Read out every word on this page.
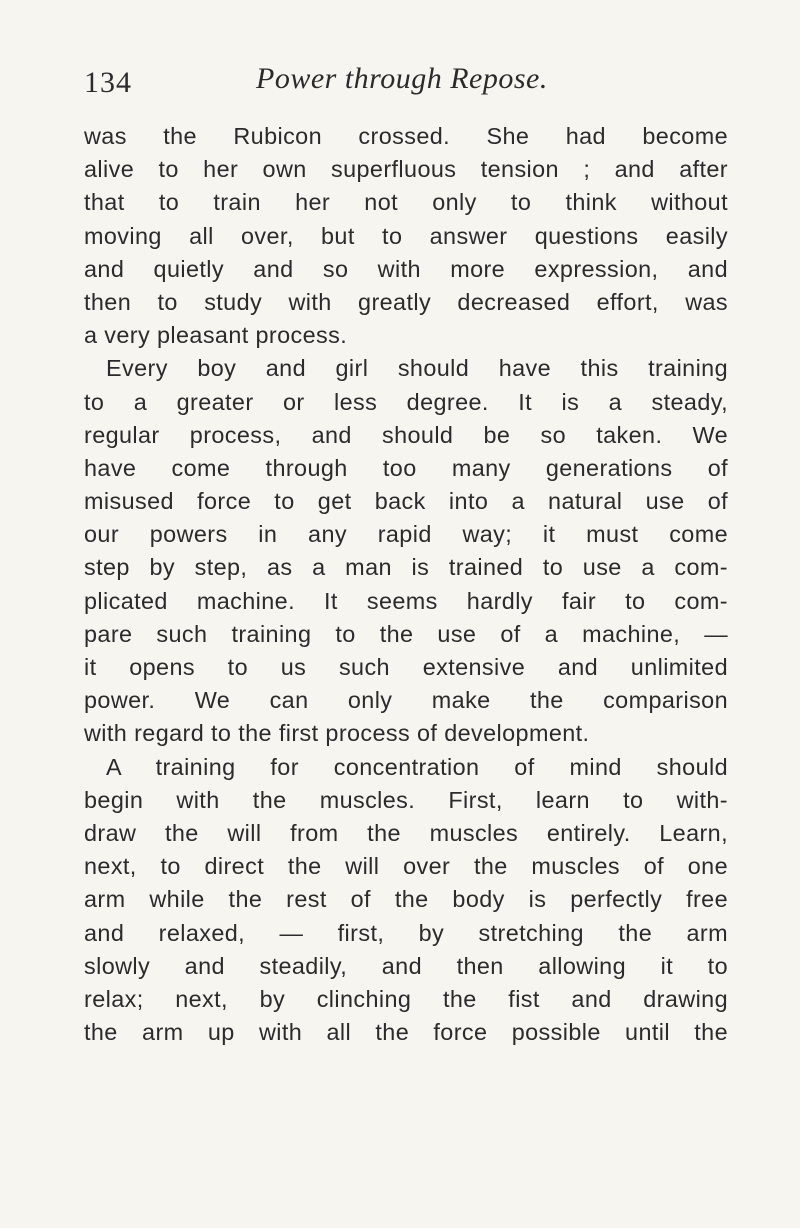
134	Power through Repose.
was the Rubicon crossed. She had become
alive to her own superfluous tension ; and after
that to train her not only to think without
moving all over, but to answer questions easily
and quietly and so with more expression, and
then to study with greatly decreased effort, was
a very pleasant process.
Every boy and girl should have this training
to a greater or less degree. It is a steady,
regular process, and should be so taken. We
have come through too many generations of
misused force to get back into a natural use of
our powers in any rapid way; it must come
step by step, as a man is trained to use a com-
plicated machine. It seems hardly fair to com-
pare such training to the use of a machine, —
it opens to us such extensive and unlimited
power. We can only make the comparison
with regard to the first process of development.
A training for concentration of mind should
begin with the muscles. First, learn to with-
draw the will from the muscles entirely. Learn,
next, to direct the will over the muscles of one
arm while the rest of the body is perfectly free
and relaxed, — first, by stretching the arm
slowly and steadily, and then allowing it to
relax; next, by clinching the fist and drawing
the arm up with all the force possible until the
